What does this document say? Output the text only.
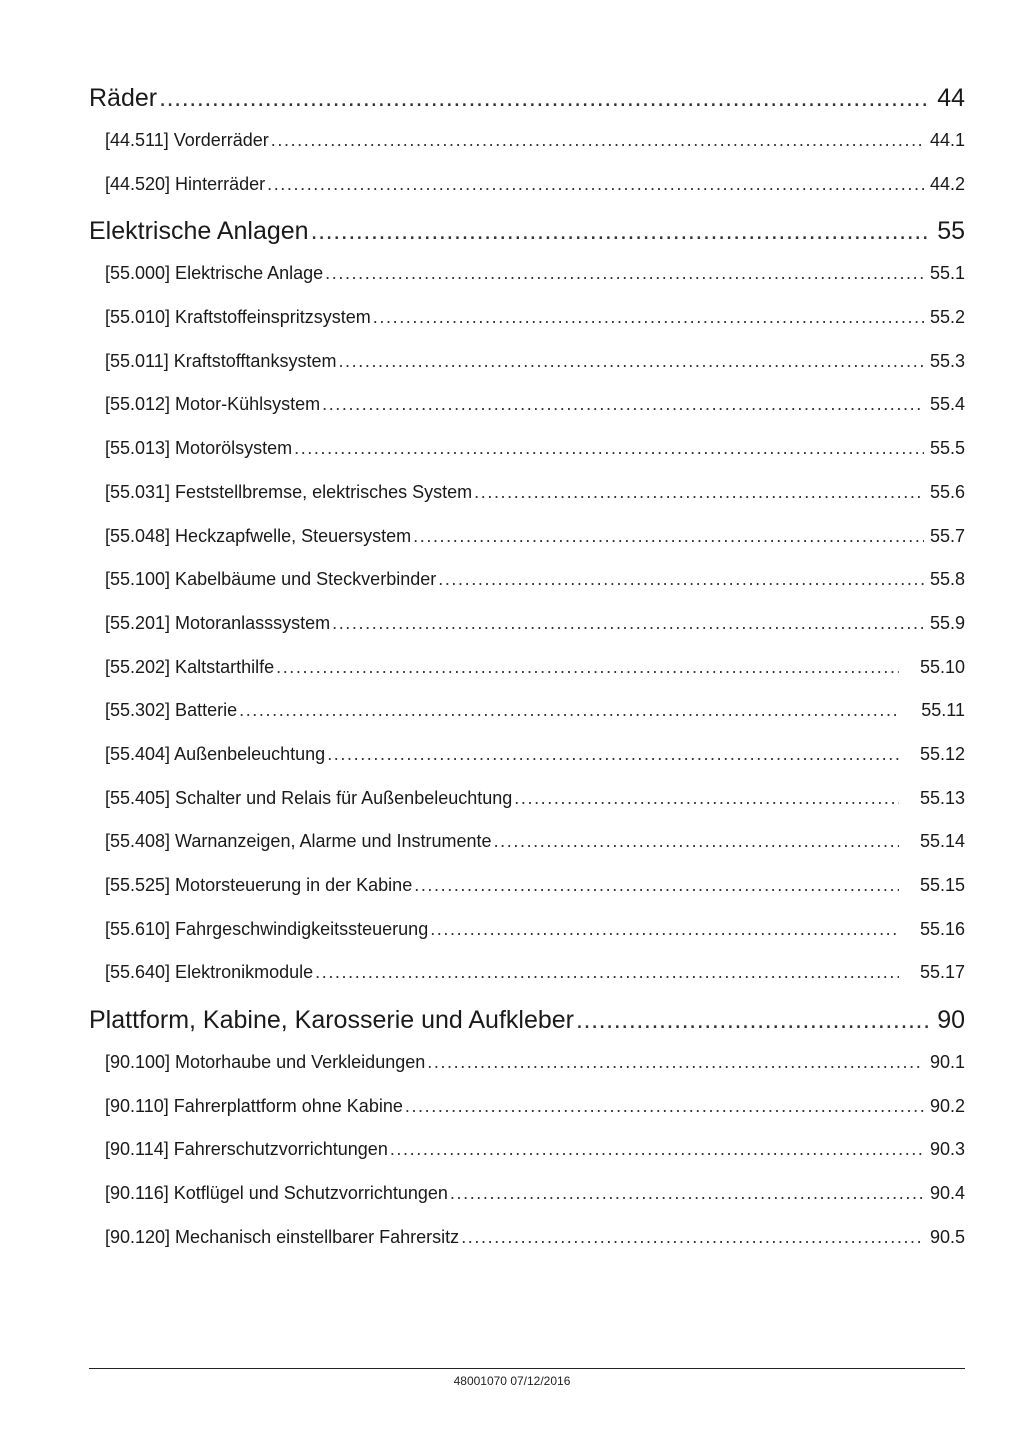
Räder .....	44
[44.511] Vorderräder .....	44.1
[44.520] Hinterräder .....	44.2
Elektrische Anlagen .....	55
[55.000] Elektrische Anlage .....	55.1
[55.010] Kraftstoffeinspritzsystem .....	55.2
[55.011] Kraftstofftanksystem .....	55.3
[55.012] Motor-Kühlsystem .....	55.4
[55.013] Motorölsystem .....	55.5
[55.031] Feststellbremse, elektrisches System .....	55.6
[55.048] Heckzapfwelle, Steuersystem .....	55.7
[55.100] Kabelbäume und Steckverbinder .....	55.8
[55.201] Motoranlasssystem .....	55.9
[55.202] Kaltstarthilfe .....	55.10
[55.302] Batterie .....	55.11
[55.404] Außenbeleuchtung .....	55.12
[55.405] Schalter und Relais für Außenbeleuchtung .....	55.13
[55.408] Warnanzeigen, Alarme und Instrumente .....	55.14
[55.525] Motorsteuerung in der Kabine .....	55.15
[55.610] Fahrgeschwindigkeitssteuerung .....	55.16
[55.640] Elektronikmodule .....	55.17
Plattform, Kabine, Karosserie und Aufkleber .....	90
[90.100] Motorhaube und Verkleidungen .....	90.1
[90.110] Fahrerplattform ohne Kabine .....	90.2
[90.114] Fahrerschutzvorrichtungen .....	90.3
[90.116] Kotflügel und Schutzvorrichtungen .....	90.4
[90.120] Mechanisch einstellbarer Fahrersitz .....	90.5
48001070 07/12/2016
